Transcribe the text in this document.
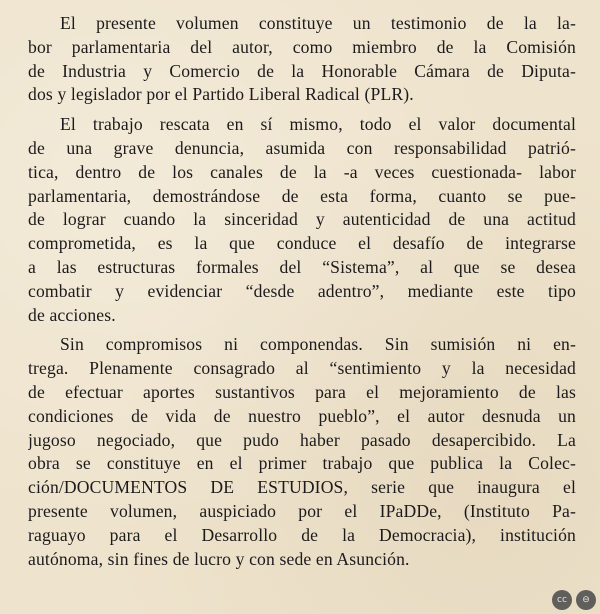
El presente volumen constituye un testimonio de la la-
bor parlamentaria del autor, como miembro de la Comisión
de Industria y Comercio de la Honorable Cámara de Diputa-
dos y legislador por el Partido Liberal Radical (PLR).
El trabajo rescata en sí mismo, todo el valor documental
de una grave denuncia, asumida con responsabilidad patrió-
tica, dentro de los canales de la -a veces cuestionada- labor
parlamentaria, demostrándose de esta forma, cuanto se pue-
de lograr cuando la sinceridad y autenticidad de una actitud
comprometida, es la que conduce el desafío de integrarse
a las estructuras formales del “Sistema”, al que se desea
combatir y evidenciar “desde adentro”, mediante este tipo
de acciones.
Sin compromisos ni componendas. Sin sumisión ni en-
trega. Plenamente consagrado al “sentimiento y la necesidad
de efectuar aportes sustantivos para el mejoramiento de las
condiciones de vida de nuestro pueblo”, el autor desnuda un
jugoso negociado, que pudo haber pasado desapercibido. La
obra se constituye en el primer trabajo que publica la Colec-
ción/DOCUMENTOS DE ESTUDIOS, serie que inaugura el
presente volumen, auspiciado por el IPaDDe, (Instituto Pa-
raguayo para el Desarrollo de la Democracia), institución
autónoma, sin fines de lucro y con sede en Asunción.
cc	⊖
